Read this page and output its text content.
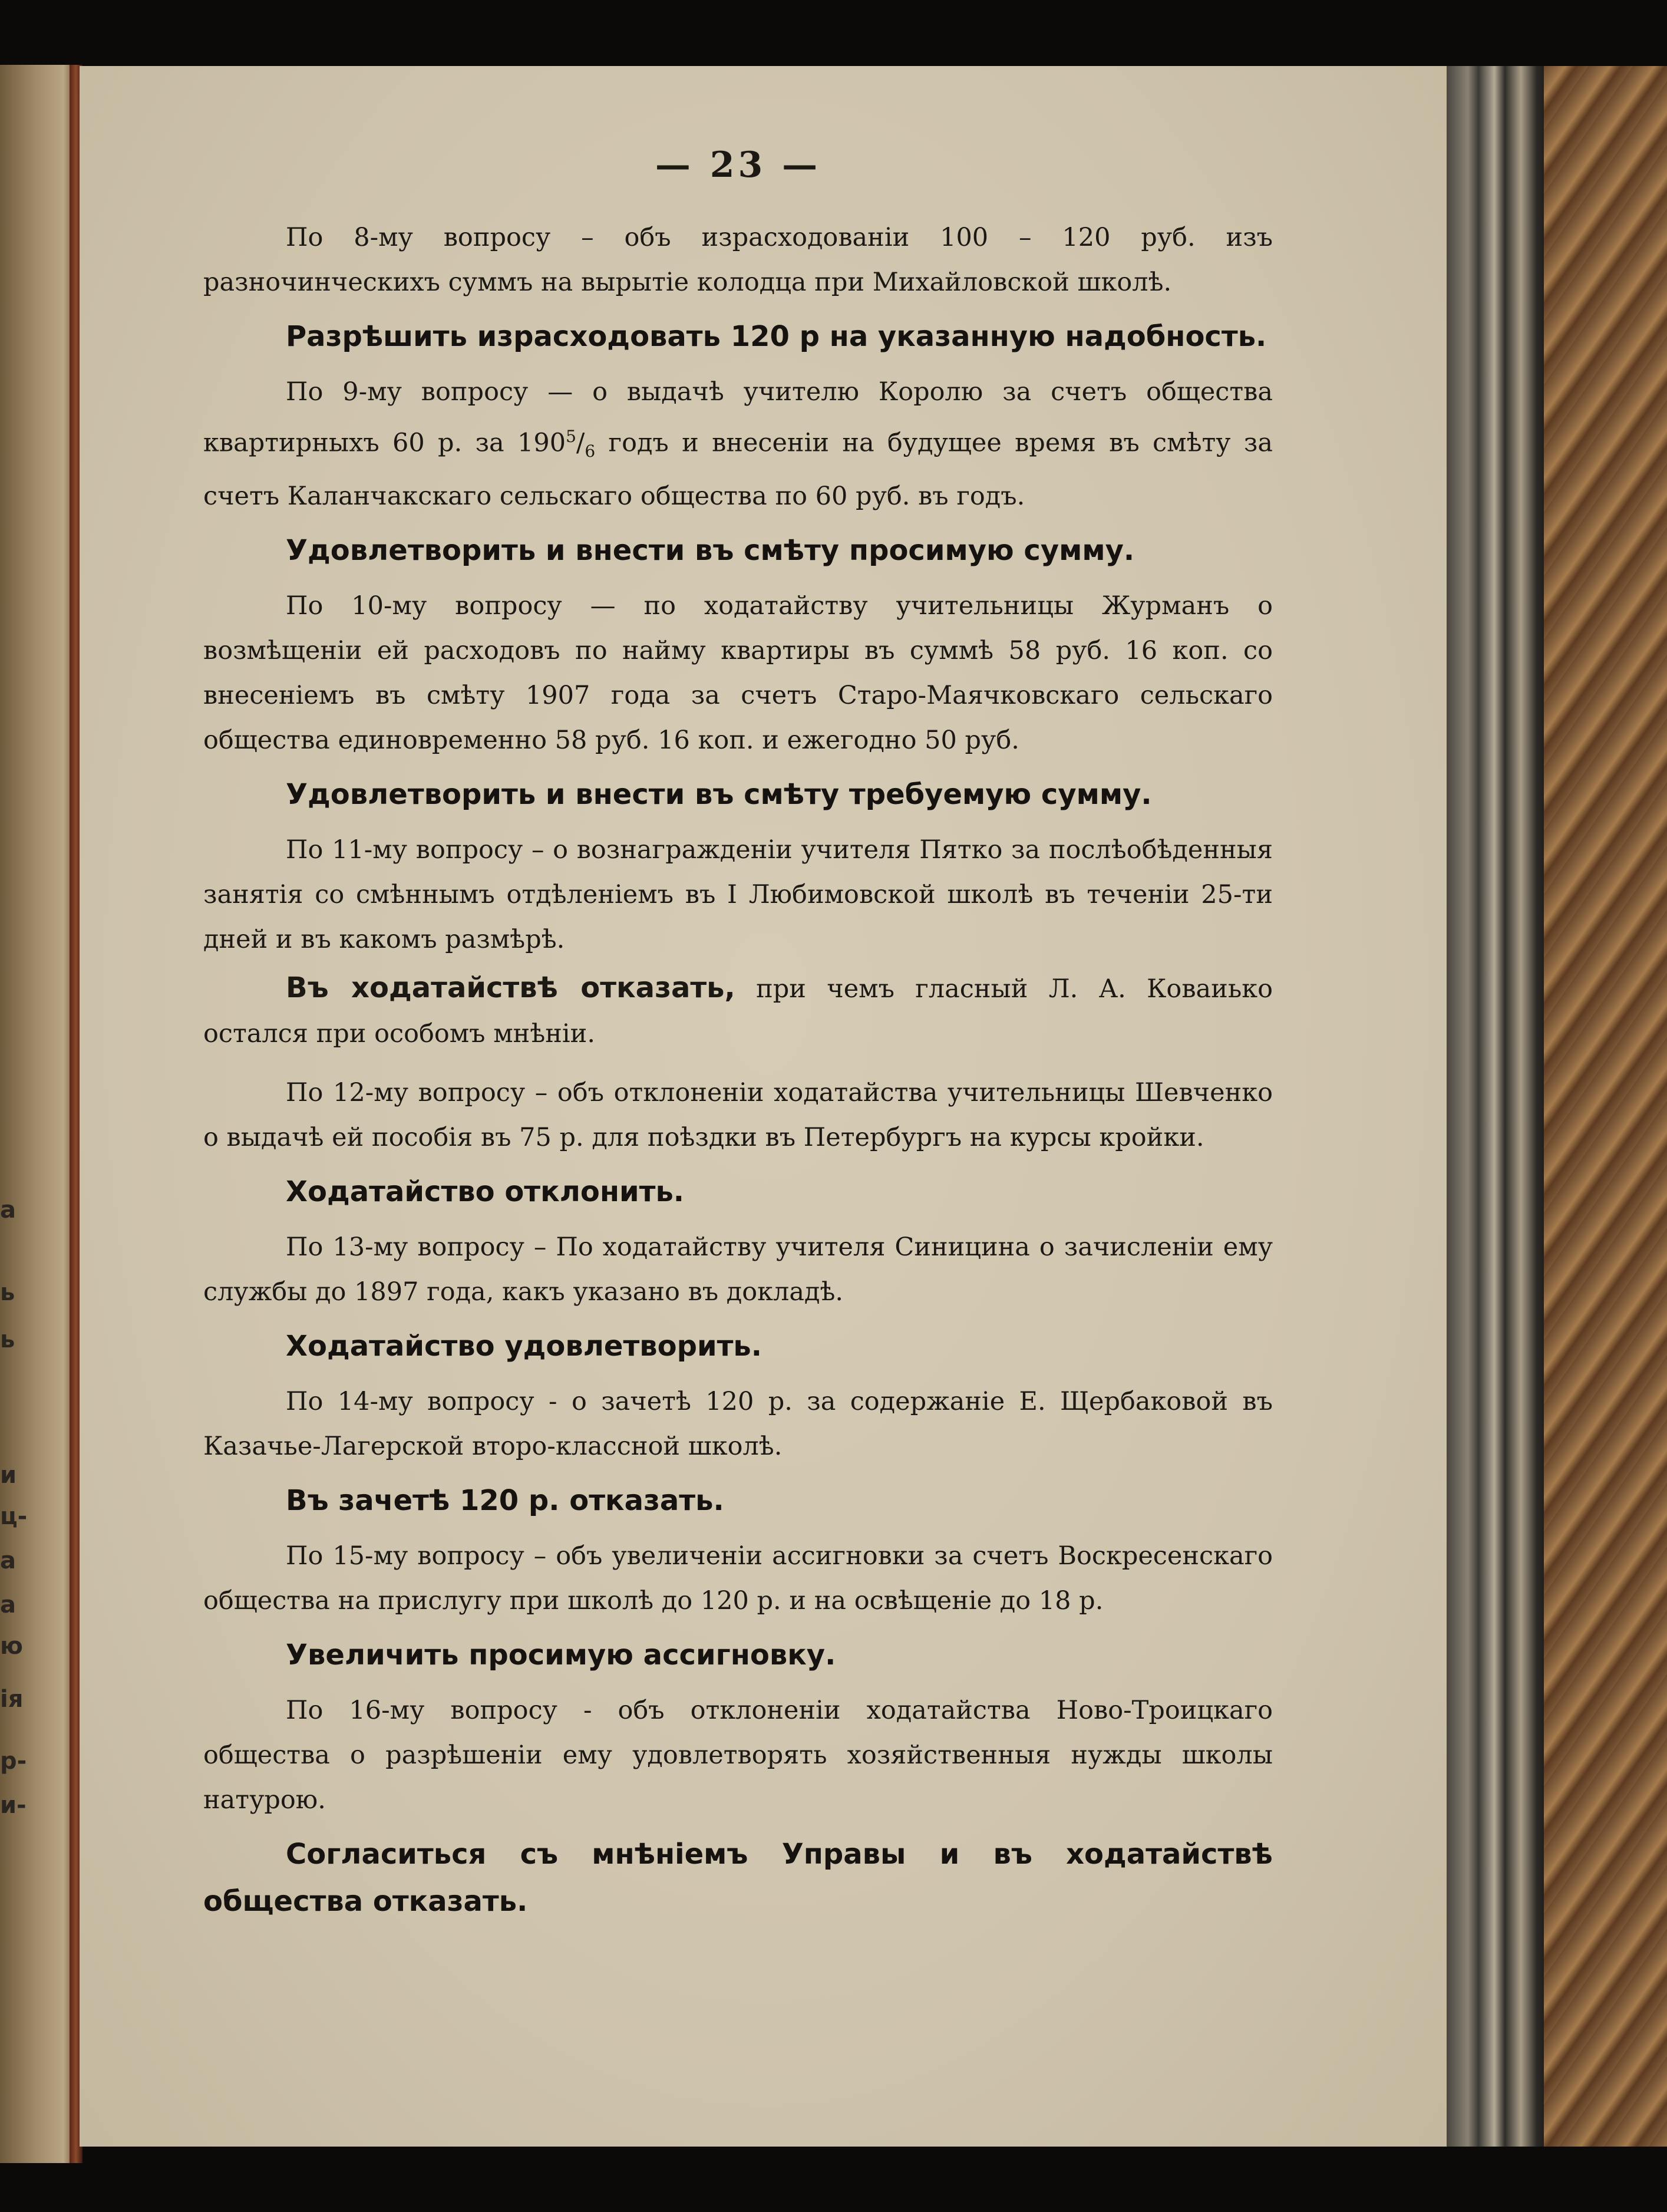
а
ь
ь
и
ц-
а
а
ю
ія
р-
и-
— 23 —

По 8-му вопросу – объ израсходованіи 100 – 120 руб. изъ разночинческихъ суммъ на вырытіе колодца при Михайловской школѣ.

Разрѣшить израсходовать 120 р на указанную надобность.

По 9-му вопросу — о выдачѣ учителю Королю за счетъ общества квартирныхъ 60 р. за $190^5/_6$ годъ и внесеніи на будущее время въ смѣту за счетъ Каланчакскаго сельскаго общества по 60 руб. въ годъ.

Удовлетворить и внести въ смѣту просимую сумму.

По 10-му вопросу — по ходатайству учительницы Журманъ о возмѣщеніи ей расходовъ по найму квартиры въ суммѣ 58 руб. 16 коп. со внесеніемъ въ смѣту 1907 года за счетъ Старо-Маячковскаго сельскаго общества единовременно 58 руб. 16 коп. и ежегодно 50 руб.

Удовлетворить и внести въ смѣту требуемую сумму.

По 11-му вопросу – о вознагражденіи учителя Пятко за послѣобѣденныя занятія со смѣннымъ отдѣленіемъ въ I Любимовской школѣ въ теченіи 25-ти дней и въ какомъ размѣрѣ.

Въ ходатайствѣ отказать, при чемъ гласный Л. А. Коваиько остался при особомъ мнѣніи.

По 12-му вопросу – объ отклоненіи ходатайства учительницы Шевченко о выдачѣ ей пособія въ 75 р. для поѣздки въ Петербургъ на курсы кройки.

Ходатайство отклонить.

По 13-му вопросу – По ходатайству учителя Синицина о зачисленіи ему службы до 1897 года, какъ указано въ докладѣ.

Ходатайство удовлетворить.

По 14-му вопросу - о зачетѣ 120 р. за содержаніе Е. Щербаковой въ Казачье-Лагерской второ-классной школѣ.

Въ зачетѣ 120 р. отказать.

По 15-му вопросу – объ увеличеніи ассигновки за счетъ Воскресенскаго общества на прислугу при школѣ до 120 р. и на освѣщеніе до 18 р.

Увеличить просимую ассигновку.

По 16-му вопросу - объ отклоненіи ходатайства Ново-Троицкаго общества о разрѣшеніи ему удовлетворять хозяйственныя нужды школы натурою.

Согласиться съ мнѣніемъ Управы и въ ходатайствѣ общества отказать.
